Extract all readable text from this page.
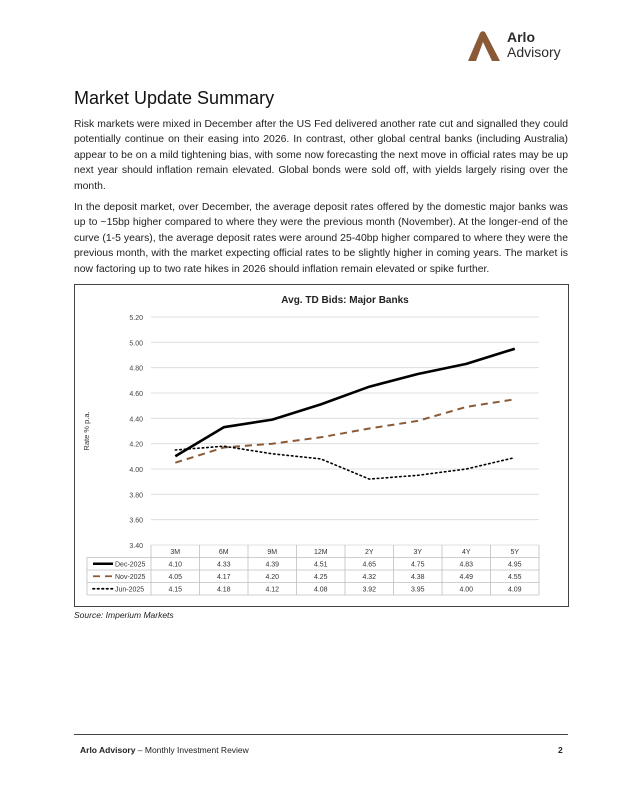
Arlo
Advisory
Market Update Summary

Risk markets were mixed in December after the US Fed delivered another rate cut and signalled they could potentially continue on their easing into 2026. In contrast, other global central banks (including Australia) appear to be on a mild tightening bias, with some now forecasting the next move in official rates may be up next year should inflation remain elevated. Global bonds were sold off, with yields largely rising over the month.

In the deposit market, over December, the average deposit rates offered by the domestic major banks was up to ~15bp higher compared to where they were the previous month (November). At the longer-end of the curve (1-5 years), the average deposit rates were around 25-40bp higher compared to where they were the previous month, with the market expecting official rates to be slightly higher in coming years. The market is now factoring up to two rate hikes in 2026 should inflation remain elevated or spike further.

Avg. TD Bids: Major Banks
3.40
3.60
3.80
4.00
4.20
4.40
4.60
4.80
5.00
5.20
Rate % p.a.
3M	6M	9M	12M	2Y	3Y	4Y	5Y
Dec-2025	4.10	4.33	4.39	4.51	4.65	4.75	4.83	4.95
Nov-2025	4.05	4.17	4.20	4.25	4.32	4.38	4.49	4.55
Jun-2025	4.15	4.18	4.12	4.08	3.92	3.95	4.00	4.09
Source: Imperium Markets
Arlo Advisory – Monthly Investment Review	2
